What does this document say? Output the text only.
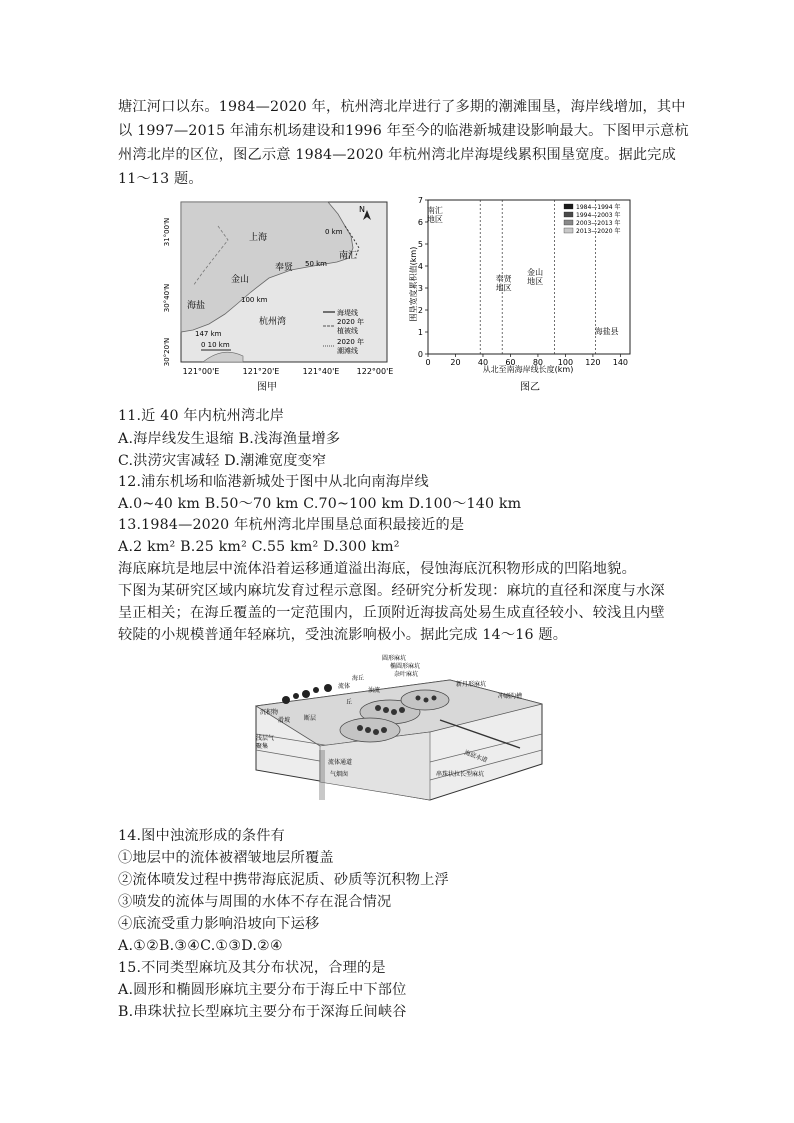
塘江河口以东。1984—2020 年，杭州湾北岸进行了多期的潮滩围垦，海岸线增加，其中
以 1997—2015 年浦东机场建设和1996 年至今的临港新城建设影响最大。下图甲示意杭
州湾北岸的区位，图乙示意 1984—2020 年杭州湾北岸海堤线累积围垦宽度。据此完成
11～13 题。
31°00'N
30°40'N
30°20'N
121°00'E	121°20'E	121°40'E 122°00'E
上海
奉贤
南汇
金山
海盐
杭州湾
0 km
50 km
100 km
147 km
0 10 km
N
海堤线
2020 年
植被线
2020 年
潮滩线
图甲
0 20 40 60 80 100 120 140
0
1
2
3
4
5
6
7
南汇
地区
奉贤
地区
金山
地区
海盐县
1984—1994 年
1994—2003 年
2003—2013 年
2013—2020 年
围垦宽度累积值(km)
从北至南海岸线长度(km)
图乙
11.近 40 年内杭州湾北岸
A.海岸线发生退缩 B.浅海渔量增多
C.洪涝灾害减轻 D.潮滩宽度变窄
12.浦东机场和临港新城处于图中从北向南海岸线
A.0~40 km B.50～70 km C.70~100 km D.100～140 km
13.1984—2020 年杭州湾北岸围垦总面积最接近的是
A.2 km² B.25 km² C.55 km² D.300 km²
海底麻坑是地层中流体沿着运移通道溢出海底，侵蚀海底沉积物形成的凹陷地貌。
下图为某研究区域内麻坑发育过程示意图。经研究分析发现：麻坑的直径和深度与水深
呈正相关；在海丘覆盖的一定范围内，丘顶附近海拔高处易生成直径较小、较浅且内壁
较陡的小规模普通年轻麻坑，受浊流影响极小。据此完成 14～16 题。
圆形麻坑
椭圆形麻坑
杂叶麻坑
新月形麻坑
冲刷沟槽
沉积物
滑坡 断层
流体
海丘
丘
浊流
浅层气
聚集
流体通道
气烟囱	串珠状拉长型麻坑
海底水道
14.图中浊流形成的条件有
①地层中的流体被褶皱地层所覆盖
②流体喷发过程中携带海底泥质、砂质等沉积物上浮
③喷发的流体与周围的水体不存在混合情况
④底流受重力影响沿坡向下运移
A.①②B.③④C.①③D.②④
15.不同类型麻坑及其分布状况，合理的是
A.圆形和椭圆形麻坑主要分布于海丘中下部位
B.串珠状拉长型麻坑主要分布于深海丘间峡谷
